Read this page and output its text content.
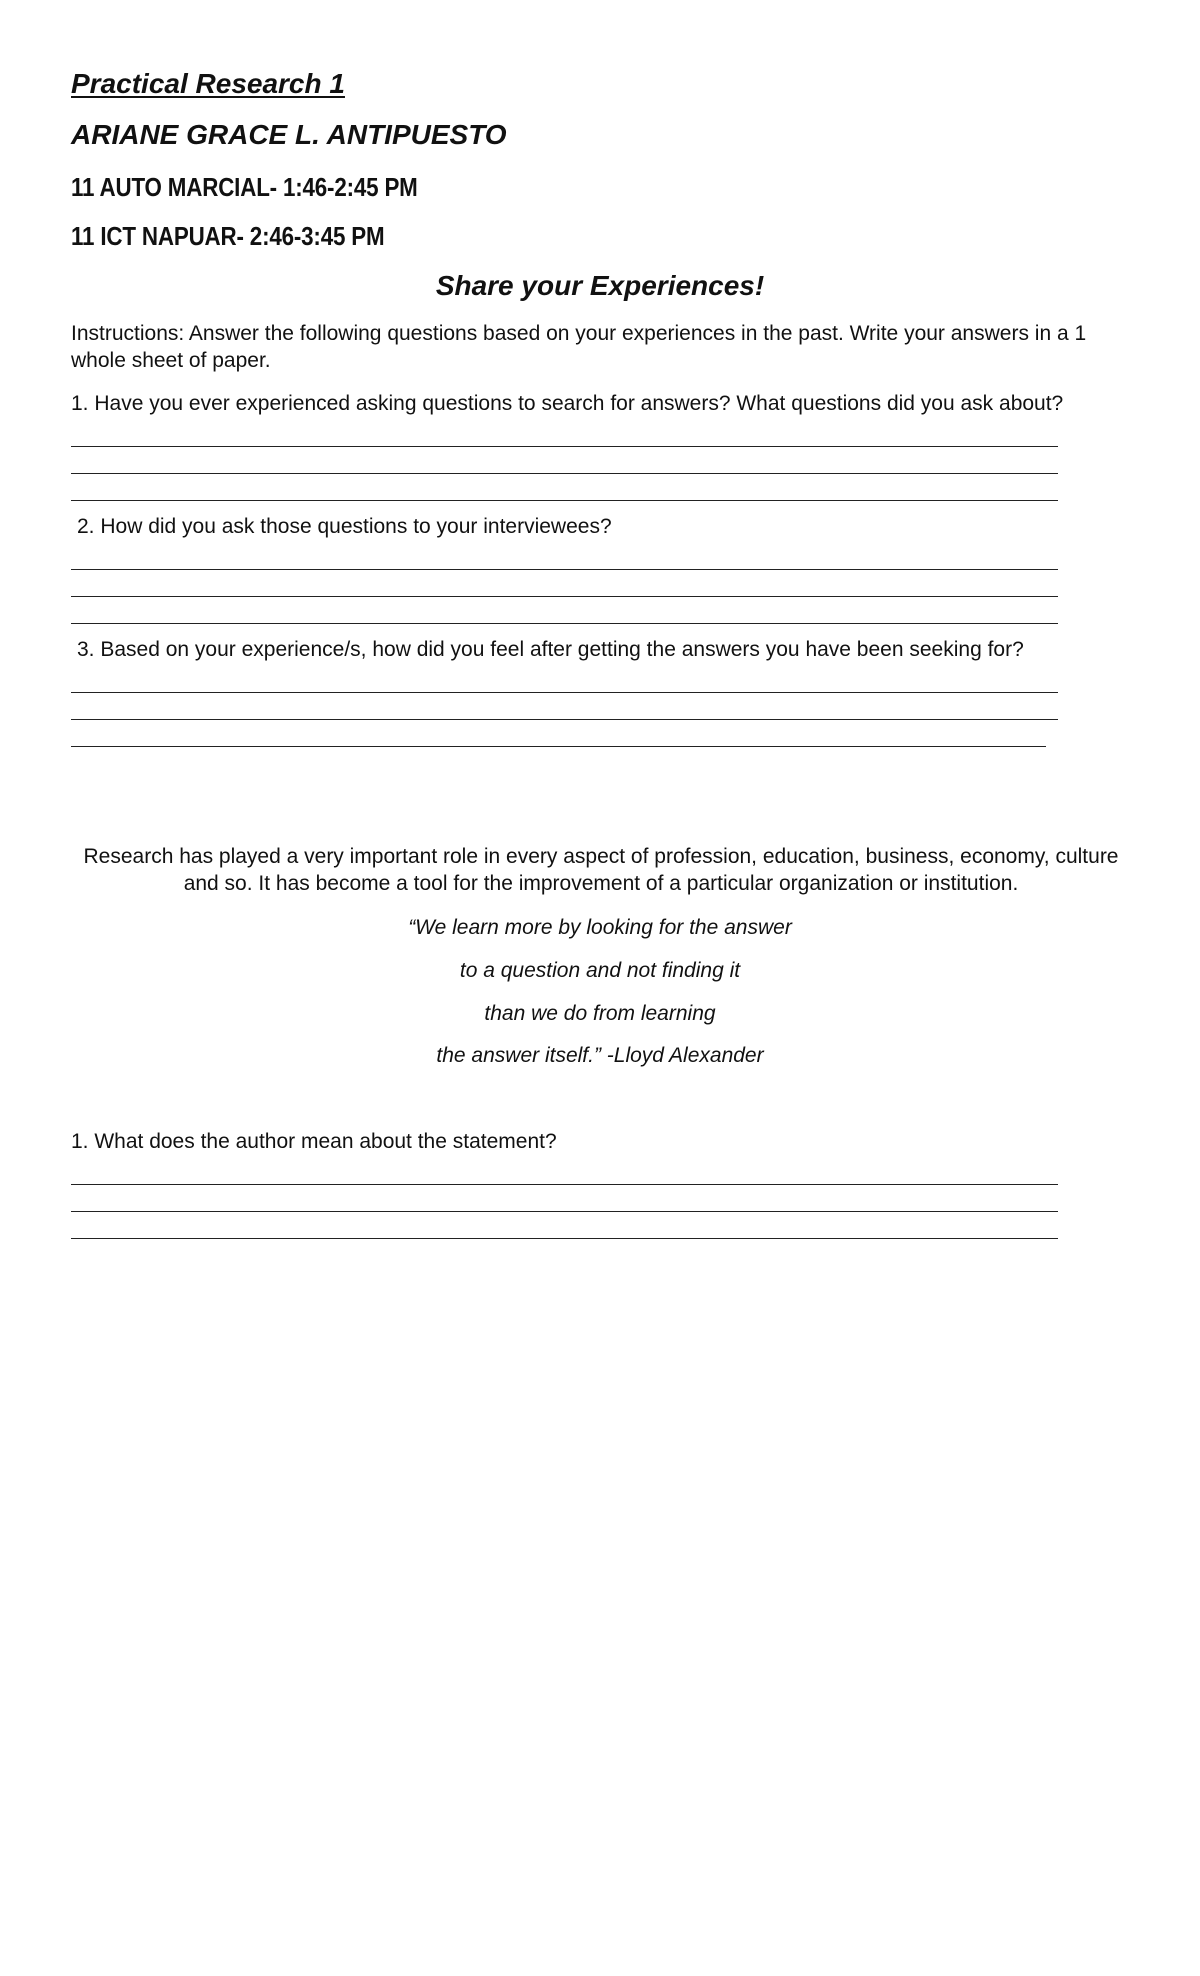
Practical Research 1

ARIANE GRACE L. ANTIPUESTO

11 AUTO MARCIAL- 1:46-2:45 PM

11 ICT NAPUAR- 2:46-3:45 PM

Share your Experiences!

Instructions: Answer the following questions based on your experiences in the past. Write your answers in a 1 whole sheet of paper.

1. Have you ever experienced asking questions to search for answers? What questions did you ask about?

2. How did you ask those questions to your interviewees?

3. Based on your experience/s, how did you feel after getting the answers you have been seeking for?

Research has played a very important role in every aspect of profession, education, business, economy, culture and so. It has become a tool for the improvement of a particular organization or institution.

“We learn more by looking for the answer

to a question and not finding it

than we do from learning

the answer itself.” -Lloyd Alexander

1. What does the author mean about the statement?
